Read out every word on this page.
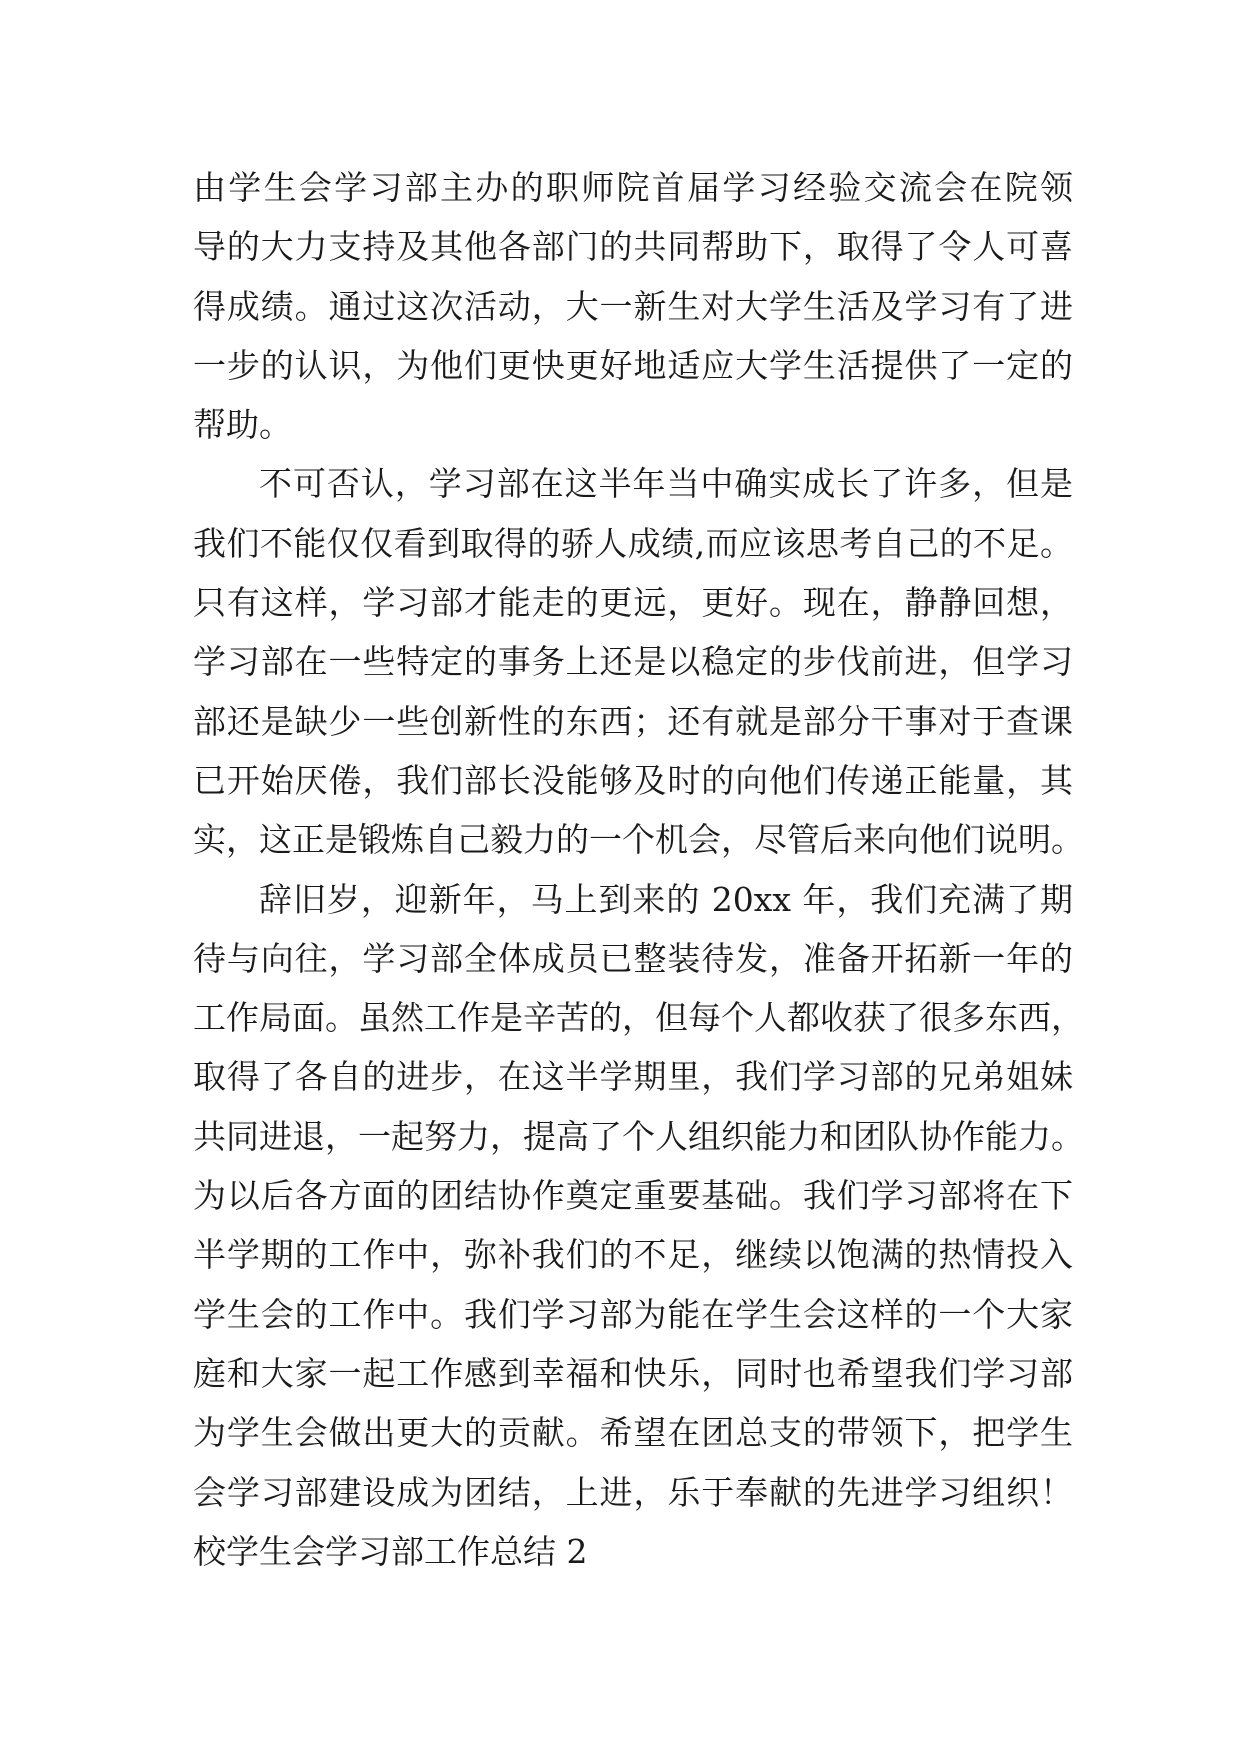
由学生会学习部主办的职师院首届学习经验交流会在院领
导的大力支持及其他各部门的共同帮助下，取得了令人可喜
得成绩。通过这次活动，大一新生对大学生活及学习有了进
一步的认识，为他们更快更好地适应大学生活提供了一定的
帮助。
不可否认，学习部在这半年当中确实成长了许多，但是
我们不能仅仅看到取得的骄人成绩,而应该思考自己的不足。
只有这样，学习部才能走的更远，更好。现在，静静回想，
学习部在一些特定的事务上还是以稳定的步伐前进，但学习
部还是缺少一些创新性的东西；还有就是部分干事对于查课
已开始厌倦，我们部长没能够及时的向他们传递正能量，其
实，这正是锻炼自己毅力的一个机会，尽管后来向他们说明。
辞旧岁，迎新年，马上到来的 20xx 年，我们充满了期
待与向往，学习部全体成员已整装待发，准备开拓新一年的
工作局面。虽然工作是辛苦的，但每个人都收获了很多东西，
取得了各自的进步，在这半学期里，我们学习部的兄弟姐妹
共同进退，一起努力，提高了个人组织能力和团队协作能力。
为以后各方面的团结协作奠定重要基础。我们学习部将在下
半学期的工作中，弥补我们的不足，继续以饱满的热情投入
学生会的工作中。我们学习部为能在学生会这样的一个大家
庭和大家一起工作感到幸福和快乐，同时也希望我们学习部
为学生会做出更大的贡献。希望在团总支的带领下，把学生
会学习部建设成为团结，上进，乐于奉献的先进学习组织！
校学生会学习部工作总结 2
